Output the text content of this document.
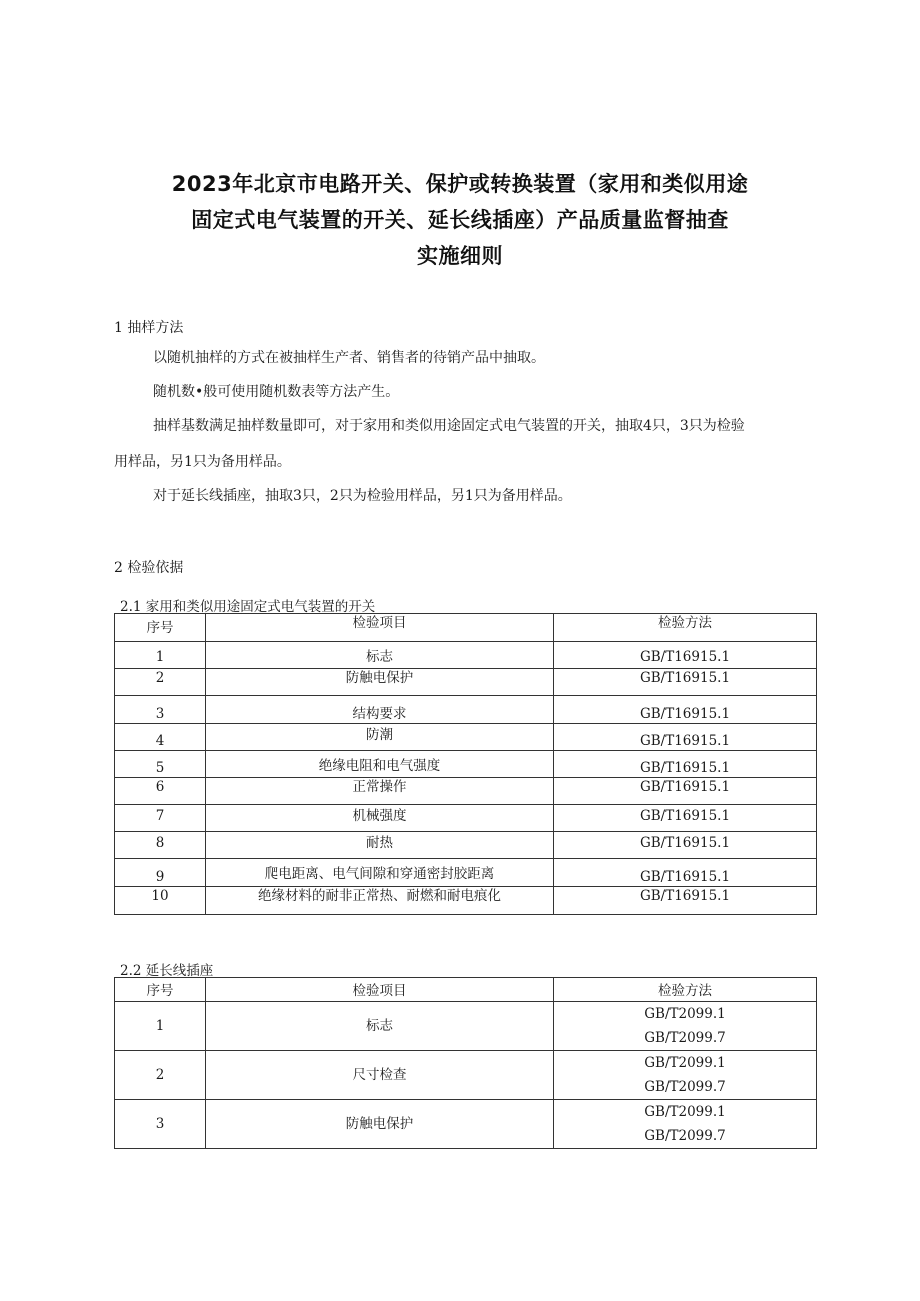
2023年北京市电路开关、保护或转换装置（家用和类似用途
固定式电气装置的开关、延长线插座）产品质量监督抽查
实施细则
1 抽样方法
以随机抽样的方式在被抽样生产者、销售者的待销产品中抽取。
随机数•般可使用随机数表等方法产生。
抽样基数满足抽样数量即可，对于家用和类似用途固定式电气装置的开关，抽取4只，3只为检验
用样品，另1只为备用样品。
对于延长线插座，抽取3只，2只为检验用样品，另1只为备用样品。
2 检验依据
2.1 家用和类似用途固定式电气装置的开关
序号	检验项目	检验方法
1	标志	GB/T16915.1
2	防触电保护	GB/T16915.1
3	结构要求	GB/T16915.1
4	防潮	GB/T16915.1
5	绝缘电阻和电气强度	GB/T16915.1
6	正常操作	GB/T16915.1
7	机械强度	GB/T16915.1
8	耐热	GB/T16915.1
9	爬电距离、电气间隙和穿通密封胶距离	GB/T16915.1
10	绝缘材料的耐非正常热、耐燃和耐电痕化	GB/T16915.1
2.2 延长线插座
序号	检验项目	检验方法
1	标志	GB/T2099.1
GB/T2099.7

2	尺寸检查	GB/T2099.1
GB/T2099.7

3	防触电保护	GB/T2099.1
GB/T2099.7
